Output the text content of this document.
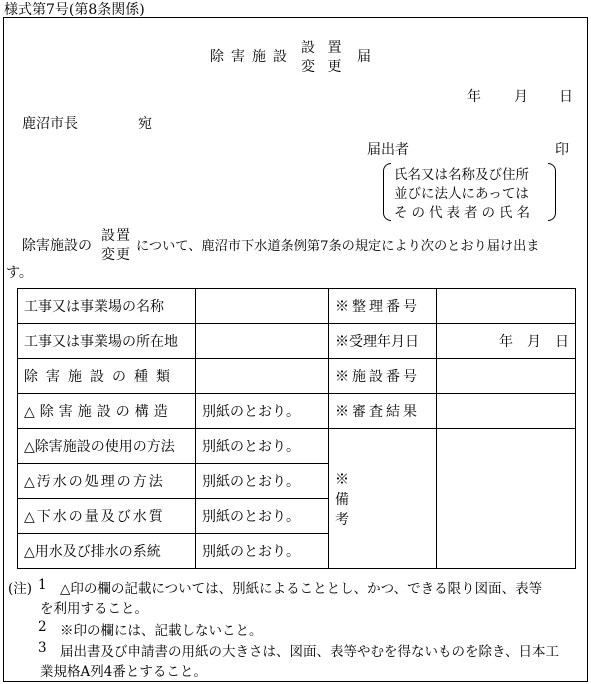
様式第7号(第8条関係)
除害施設
設 置
変 更
届
年 月 日
鹿沼市長	宛
届出者	印
氏名又は名称及び住所
並びに法人にあっては
その代表者の氏名
除害施設の
設置
変更
について、鹿沼市下水道条例第7条の規定により次のとおり届け出ま
す。
工事又は事業場の名称		※整理番号	

工事又は事業場の所在地		※受理年月日	年　月　日

除害施設の種類		※施設番号	

△除害施設の構造	別紙のとおり。	※審査結果	

△除害施設の使用の方法	別紙のとおり。	※備考	

△汚水の処理の方法	別紙のとおり。		

△下水の量及び水質	別紙のとおり。		

△用水及び排水の系統	別紙のとおり。		
(注) 1 △印の欄の記載については、別紙によることとし、かつ、できる限り図面、表等
を利用すること。
2 ※印の欄には、記載しないこと。
3 届出書及び申請書の用紙の大きさは、図面、表等やむを得ないものを除き、日本工
業規格A列4番とすること。
